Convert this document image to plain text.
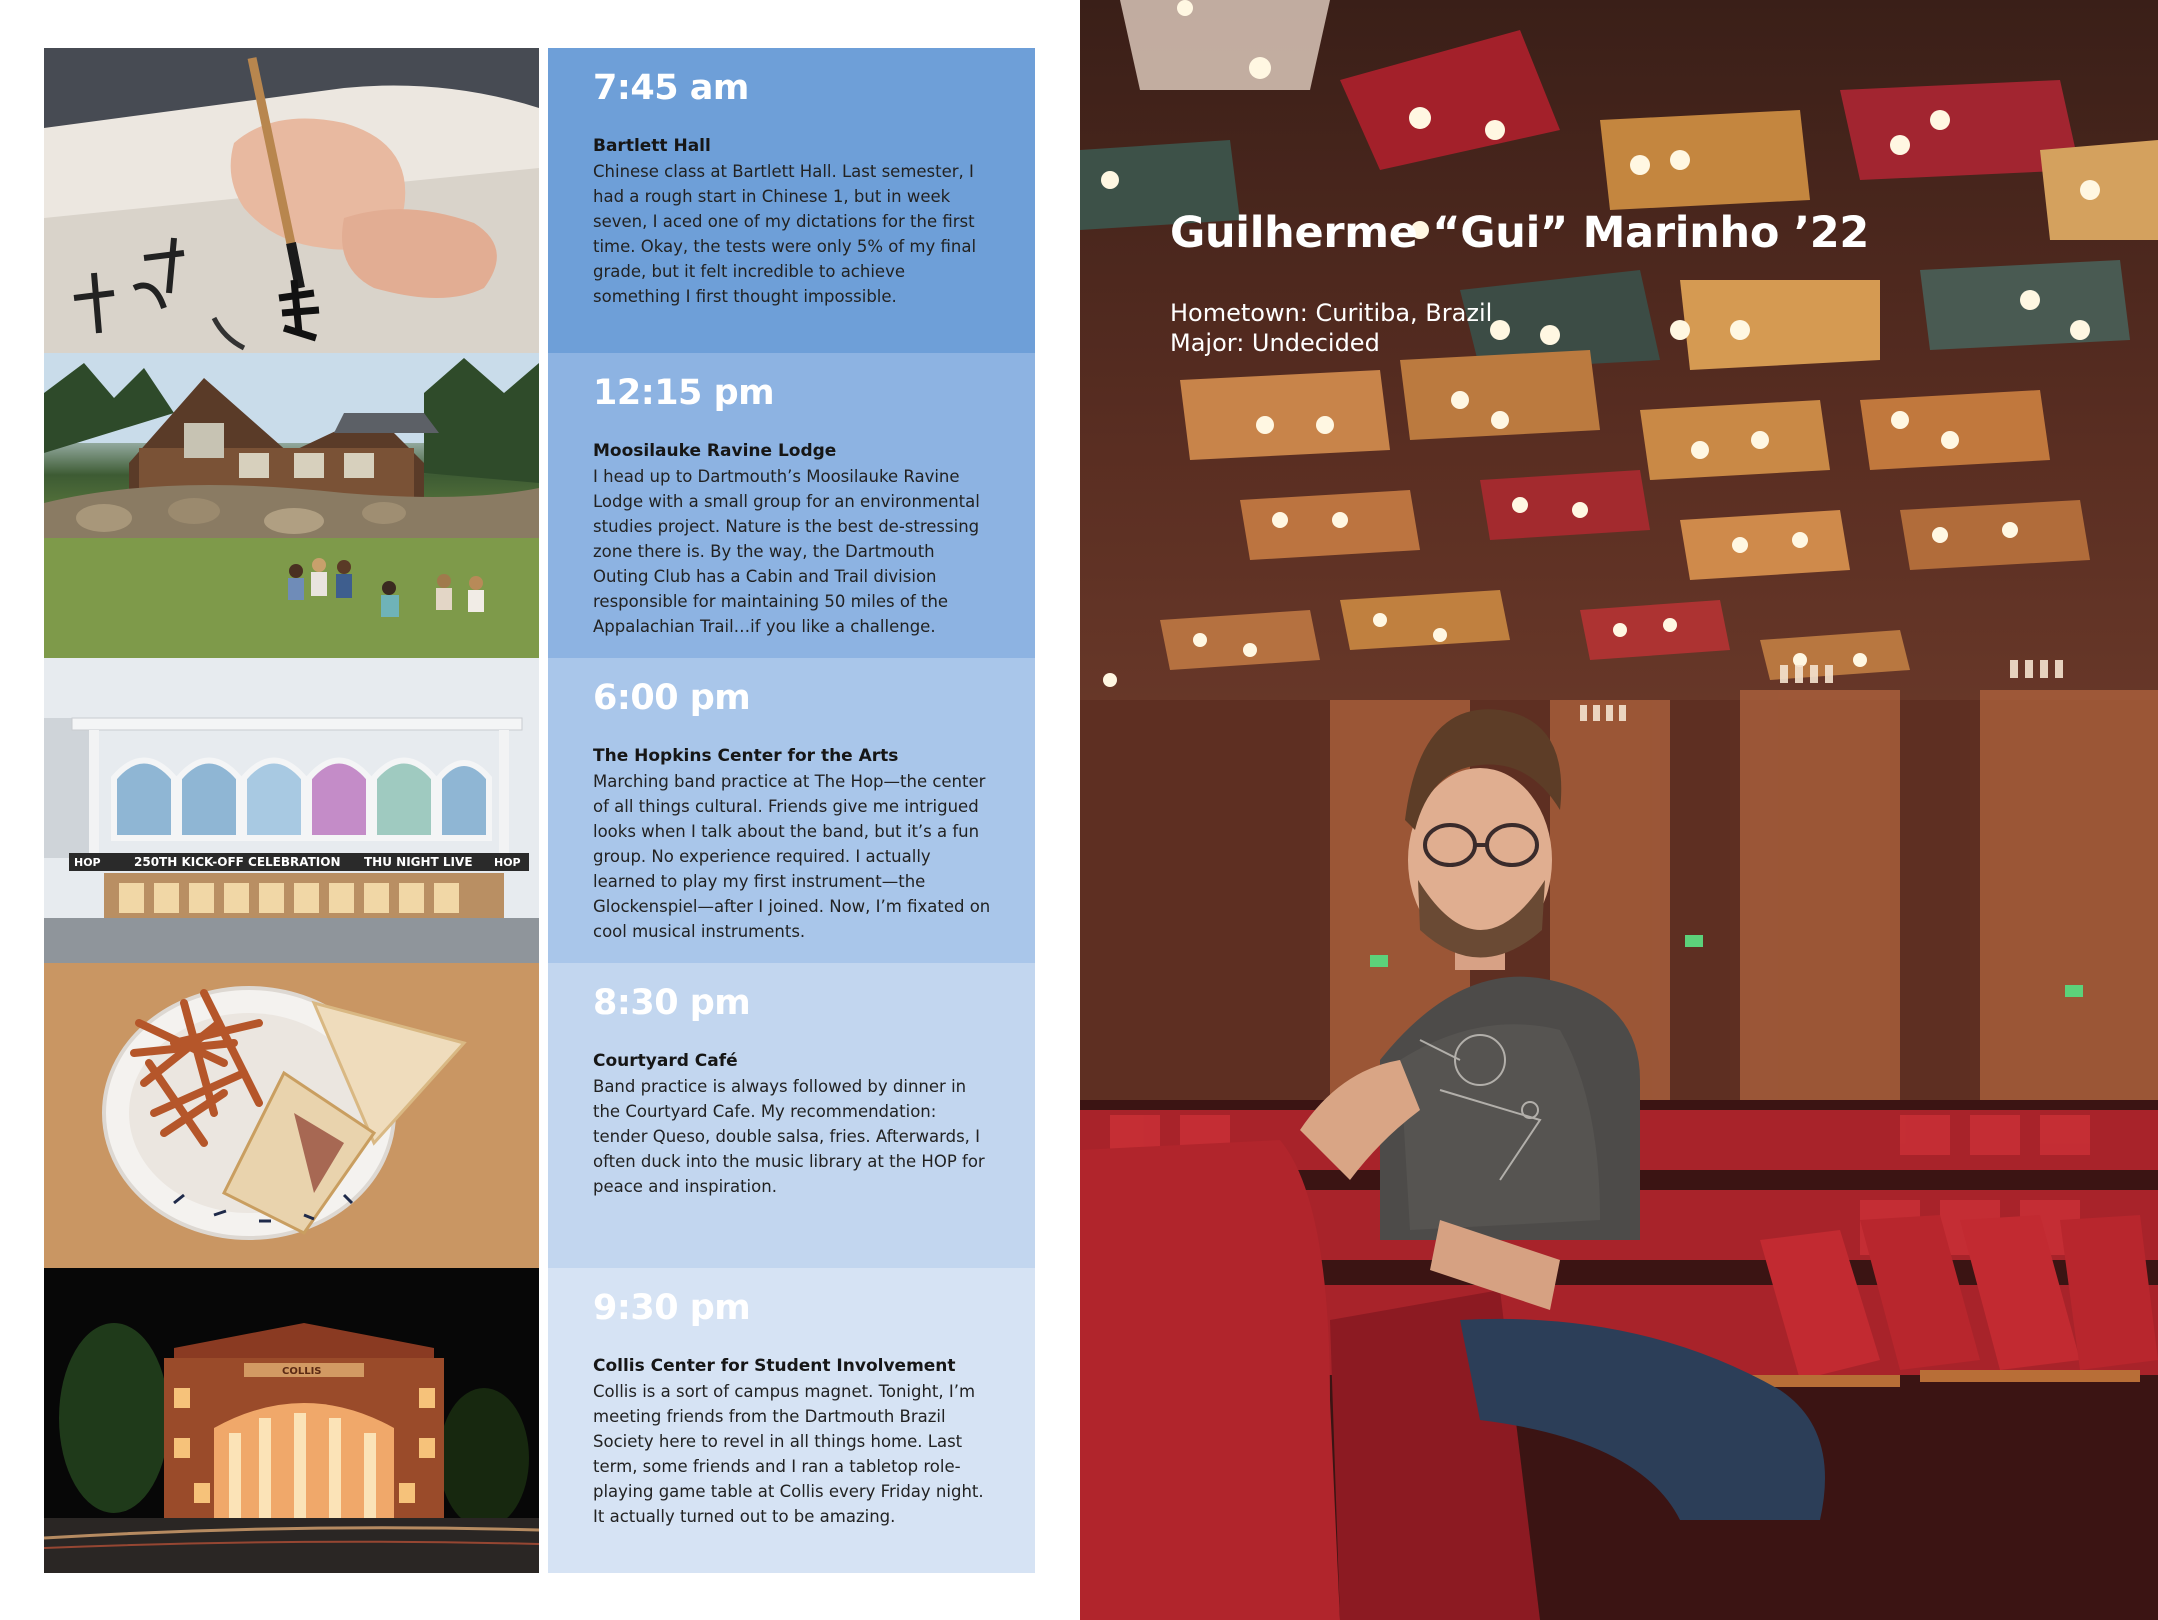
HOP	250TH KICK-OFF CELEBRATION THU NIGHT LIVE HOP
COLLIS
7:45 am
Bartlett Hall

Chinese class at Bartlett Hall. Last semester, I had a rough start in Chinese 1, but in week seven, I aced one of my dictations for the first time. Okay, the tests were only 5% of my final grade, but it felt incredible to achieve something I first thought impossible.

12:15 pm
Moosilauke Ravine Lodge

I head up to Dartmouth’s Moosilauke Ravine Lodge with a small group for an environmental studies project. Nature is the best de-stressing zone there is. By the way, the Dartmouth Outing Club has a Cabin and Trail division responsible for maintaining 50 miles of the Appalachian Trail…if you like a challenge.

6:00 pm
The Hopkins Center for the Arts

Marching band practice at The Hop—the center of all things cultural. Friends give me intrigued looks when I talk about the band, but it’s a fun group. No experience required. I actually learned to play my first instrument—the Glockenspiel—after I joined. Now, I’m fixated on cool musical instruments.

8:30 pm
Courtyard Café

Band practice is always followed by dinner in the Courtyard Cafe. My recommendation: tender Queso, double salsa, fries. Afterwards, I often duck into the music library at the HOP for peace and inspiration.

9:30 pm
Collis Center for Student Involvement

Collis is a sort of campus magnet. Tonight, I’m meeting friends from the Dartmouth Brazil Society here to revel in all things home. Last term, some friends and I ran a tabletop role-playing game table at Collis every Friday night. It actually turned out to be amazing.

Guilherme “Gui” Marinho ’22
Hometown: Curitiba, Brazil
Major: Undecided
